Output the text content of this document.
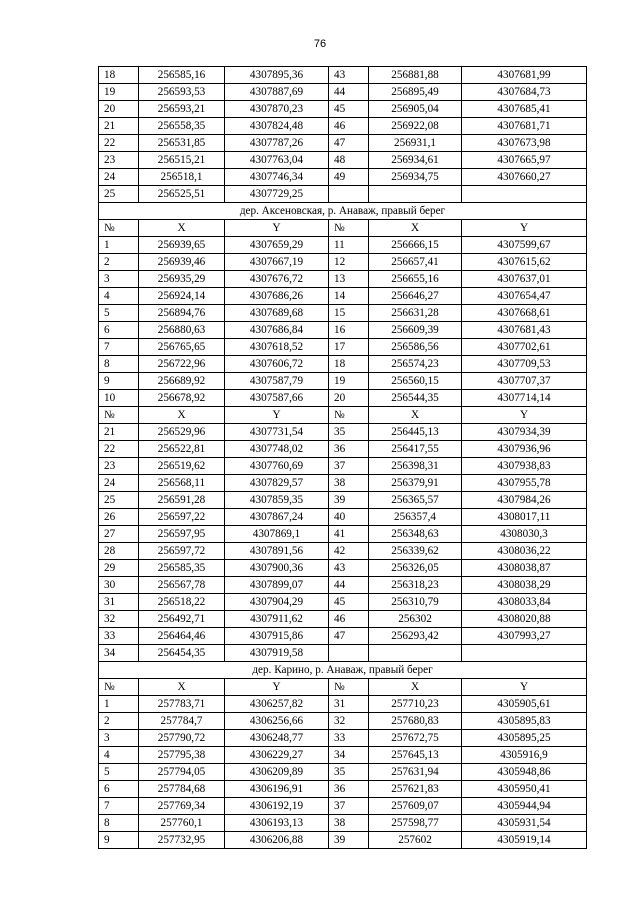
76
18	256585,16	4307895,36	43	256881,88	4307681,99
19	256593,53	4307887,69	44	256895,49	4307684,73
20	256593,21	4307870,23	45	256905,04	4307685,41
21	256558,35	4307824,48	46	256922,08	4307681,71
22	256531,85	4307787,26	47	256931,1	4307673,98
23	256515,21	4307763,04	48	256934,61	4307665,97
24	256518,1	4307746,34	49	256934,75	4307660,27
25	256525,51	4307729,25			
дер. Аксеновская, р. Анаваж, правый берег					
№	X	Y	№	X	Y
1	256939,65	4307659,29	11	256666,15	4307599,67
2	256939,46	4307667,19	12	256657,41	4307615,62
3	256935,29	4307676,72	13	256655,16	4307637,01
4	256924,14	4307686,26	14	256646,27	4307654,47
5	256894,76	4307689,68	15	256631,28	4307668,61
6	256880,63	4307686,84	16	256609,39	4307681,43
7	256765,65	4307618,52	17	256586,56	4307702,61
8	256722,96	4307606,72	18	256574,23	4307709,53
9	256689,92	4307587,79	19	256560,15	4307707,37
10	256678,92	4307587,66	20	256544,35	4307714,14
№	X	Y	№	X	Y
21	256529,96	4307731,54	35	256445,13	4307934,39
22	256522,81	4307748,02	36	256417,55	4307936,96
23	256519,62	4307760,69	37	256398,31	4307938,83
24	256568,11	4307829,57	38	256379,91	4307955,78
25	256591,28	4307859,35	39	256365,57	4307984,26
26	256597,22	4307867,24	40	256357,4	4308017,11
27	256597,95	4307869,1	41	256348,63	4308030,3
28	256597,72	4307891,56	42	256339,62	4308036,22
29	256585,35	4307900,36	43	256326,05	4308038,87
30	256567,78	4307899,07	44	256318,23	4308038,29
31	256518,22	4307904,29	45	256310,79	4308033,84
32	256492,71	4307911,62	46	256302	4308020,88
33	256464,46	4307915,86	47	256293,42	4307993,27
34	256454,35	4307919,58			
дер. Карино, р. Анаваж, правый берег					
№	X	Y	№	X	Y
1	257783,71	4306257,82	31	257710,23	4305905,61
2	257784,7	4306256,66	32	257680,83	4305895,83
3	257790,72	4306248,77	33	257672,75	4305895,25
4	257795,38	4306229,27	34	257645,13	4305916,9
5	257794,05	4306209,89	35	257631,94	4305948,86
6	257784,68	4306196,91	36	257621,83	4305950,41
7	257769,34	4306192,19	37	257609,07	4305944,94
8	257760,1	4306193,13	38	257598,77	4305931,54
9	257732,95	4306206,88	39	257602	4305919,14
